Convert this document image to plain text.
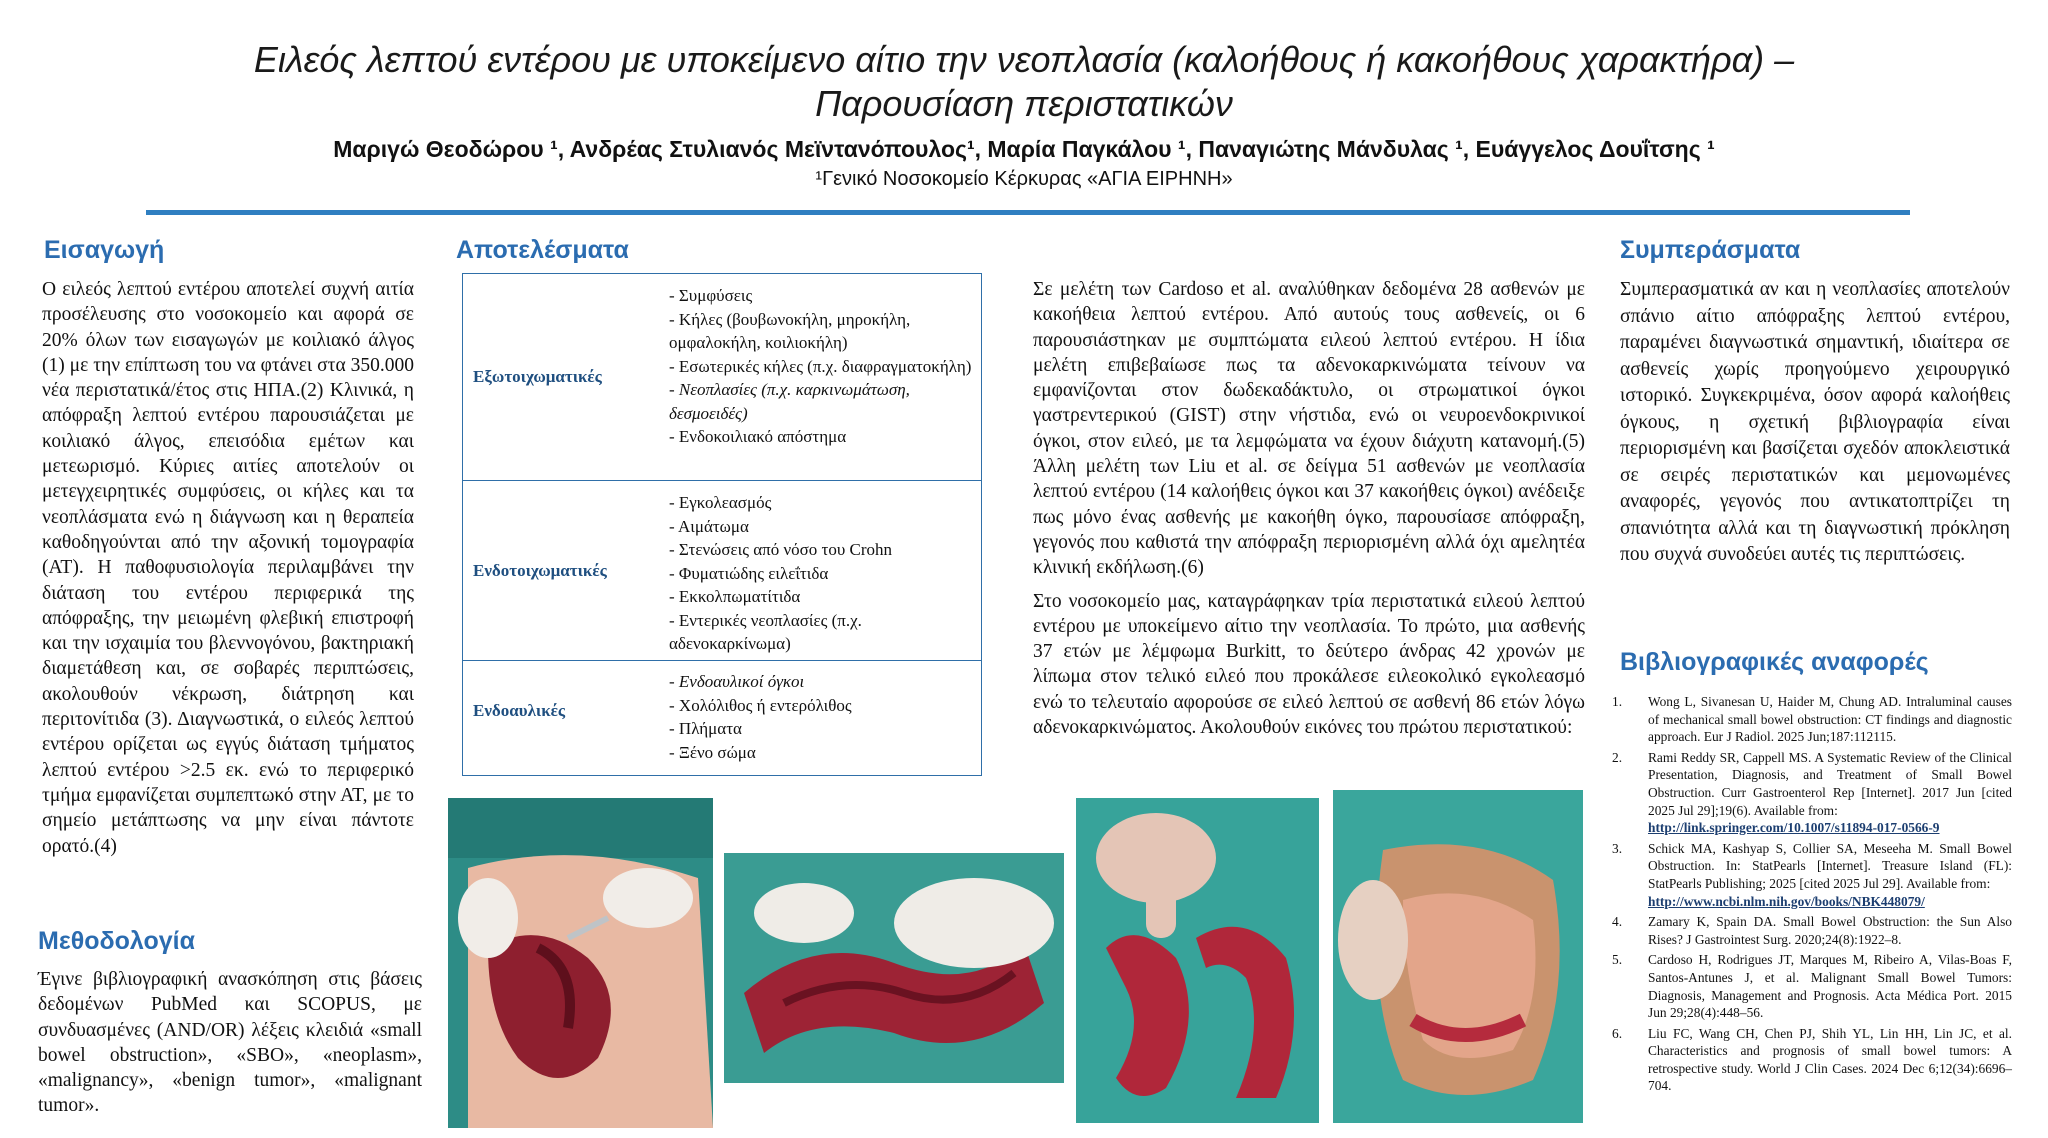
Ειλεός λεπτού εντέρου με υποκείμενο αίτιο την νεοπλασία (καλοήθους ή κακοήθους χαρακτήρα) –
Παρουσίαση περιστατικών
Μαριγώ Θεοδώρου ¹, Ανδρέας Στυλιανός Μεϊντανόπουλος¹, Μαρία Παγκάλου ¹, Παναγιώτης Μάνδυλας ¹, Ευάγγελος Δουΐτσης ¹
¹Γενικό Νοσοκομείο Κέρκυρας «ΑΓΙΑ ΕΙΡΗΝΗ»
Εισαγωγή

Ο ειλεός λεπτού εντέρου αποτελεί συχνή αιτία προσέλευσης στο νοσοκομείο και αφορά σε 20% όλων των εισαγωγών με κοιλιακό άλγος (1) με την επίπτωση του να φτάνει στα 350.000 νέα περιστατικά/έτος στις ΗΠΑ.(2) Κλινικά, η απόφραξη λεπτού εντέρου παρουσιάζεται με κοιλιακό άλγος, επεισόδια εμέτων και μετεωρισμό. Κύριες αιτίες αποτελούν οι μετεγχειρητικές συμφύσεις, οι κήλες και τα νεοπλάσματα ενώ η διάγνωση και η θεραπεία καθοδηγούνται από την αξονική τομογραφία (ΑΤ). Η παθοφυσιολογία περιλαμβάνει την διάταση του εντέρου περιφερικά της απόφραξης, την μειωμένη φλεβική επιστροφή και την ισχαιμία του βλεννογόνου, βακτηριακή διαμετάθεση και, σε σοβαρές περιπτώσεις, ακολουθούν νέκρωση, διάτρηση και περιτονίτιδα (3). Διαγνωστικά, ο ειλεός λεπτού εντέρου ορίζεται ως εγγύς διάταση τμήματος λεπτού εντέρου >2.5 εκ. ενώ το περιφερικό τμήμα εμφανίζεται συμπεπτωκό στην ΑΤ, με το σημείο μετάπτωσης να μην είναι πάντοτε ορατό.(4)

Μεθοδολογία

Έγινε βιβλιογραφική ανασκόπηση στις βάσεις δεδομένων PubMed και SCOPUS, με συνδυασμένες (AND/OR) λέξεις κλειδιά «small bowel obstruction», «SBO», «neoplasm», «malignancy», «benign tumor», «malignant tumor».

Αποτελέσματα
Εξωτοιχωματικές
- Συμφύσεις
- Κήλες (βουβωνοκήλη, μηροκήλη, ομφαλοκήλη, κοιλιοκήλη)
- Εσωτερικές κήλες (π.χ. διαφραγματοκήλη)
- Νεοπλασίες (π.χ. καρκινωμάτωση, δεσμοειδές)
- Ενδοκοιλιακό απόστημα
Ενδοτοιχωματικές
- Εγκολεασμός
- Αιμάτωμα
- Στενώσεις από νόσο του Crohn
- Φυματιώδης ειλεΐτιδα
- Εκκολπωματίτιδα
- Εντερικές νεοπλασίες (π.χ. αδενοκαρκίνωμα)
Ενδοαυλικές
- Ενδοαυλικοί όγκοι
- Χολόλιθος ή εντερόλιθος
- Πλήματα
- Ξένο σώμα

Σε μελέτη των Cardoso et al. αναλύθηκαν δεδομένα 28 ασθενών με κακοήθεια λεπτού εντέρου. Από αυτούς τους ασθενείς, οι 6 παρουσιάστηκαν με συμπτώματα ειλεού λεπτού εντέρου. Η ίδια μελέτη επιβεβαίωσε πως τα αδενοκαρκινώματα τείνουν να εμφανίζονται στον δωδεκαδάκτυλο, οι στρωματικοί όγκοι γαστρεντερικού (GIST) στην νήστιδα, ενώ οι νευροενδοκρινικοί όγκοι, στον ειλεό, με τα λεμφώματα να έχουν διάχυτη κατανομή.(5) Άλλη μελέτη των Liu et al. σε δείγμα 51 ασθενών με νεοπλασία λεπτού εντέρου (14 καλοήθεις όγκοι και 37 κακοήθεις όγκοι) ανέδειξε πως μόνο ένας ασθενής με κακοήθη όγκο, παρουσίασε απόφραξη, γεγονός που καθιστά την απόφραξη περιορισμένη αλλά όχι αμελητέα κλινική εκδήλωση.(6)

Στο νοσοκομείο μας, καταγράφηκαν τρία περιστατικά ειλεού λεπτού εντέρου με υποκείμενο αίτιο την νεοπλασία. Το πρώτο, μια ασθενής 37 ετών με λέμφωμα Burkitt, το δεύτερο άνδρας 42 χρονών με λίπωμα στον τελικό ειλεό που προκάλεσε ειλεοκολικό εγκολεασμό ενώ το τελευταίο αφορούσε σε ειλεό λεπτού σε ασθενή 86 ετών λόγω αδενοκαρκινώματος. Ακολουθούν εικόνες του πρώτου περιστατικού:

Συμπεράσματα

Συμπερασματικά αν και η νεοπλασίες αποτελούν σπάνιο αίτιο απόφραξης λεπτού εντέρου, παραμένει διαγνωστικά σημαντική, ιδιαίτερα σε ασθενείς χωρίς προηγούμενο χειρουργικό ιστορικό. Συγκεκριμένα, όσον αφορά καλοήθεις όγκους, η σχετική βιβλιογραφία είναι περιορισμένη και βασίζεται σχεδόν αποκλειστικά σε σειρές περιστατικών και μεμονωμένες αναφορές, γεγονός που αντικατοπτρίζει τη σπανιότητα αλλά και τη διαγνωστική πρόκληση που συχνά συνοδεύει αυτές τις περιπτώσεις.

Βιβλιογραφικές αναφορές
1. Wong L, Sivanesan U, Haider M, Chung AD. Intraluminal causes of mechanical small bowel obstruction: CT findings and diagnostic approach. Eur J Radiol. 2025 Jun;187:112115.
2. Rami Reddy SR, Cappell MS. A Systematic Review of the Clinical Presentation, Diagnosis, and Treatment of Small Bowel Obstruction. Curr Gastroenterol Rep [Internet]. 2017 Jun [cited 2025 Jul 29];19(6). Available from:
http://link.springer.com/10.1007/s11894-017-0566-9
3. Schick MA, Kashyap S, Collier SA, Meseeha M. Small Bowel Obstruction. In: StatPearls [Internet]. Treasure Island (FL): StatPearls Publishing; 2025 [cited 2025 Jul 29]. Available from:
http://www.ncbi.nlm.nih.gov/books/NBK448079/
4. Zamary K, Spain DA. Small Bowel Obstruction: the Sun Also Rises? J Gastrointest Surg. 2020;24(8):1922–8.
5. Cardoso H, Rodrigues JT, Marques M, Ribeiro A, Vilas-Boas F, Santos-Antunes J, et al. Malignant Small Bowel Tumors: Diagnosis, Management and Prognosis. Acta Médica Port. 2015 Jun 29;28(4):448–56.
6. Liu FC, Wang CH, Chen PJ, Shih YL, Lin HH, Lin JC, et al. Characteristics and prognosis of small bowel tumors: A retrospective study. World J Clin Cases. 2024 Dec 6;12(34):6696–704.
